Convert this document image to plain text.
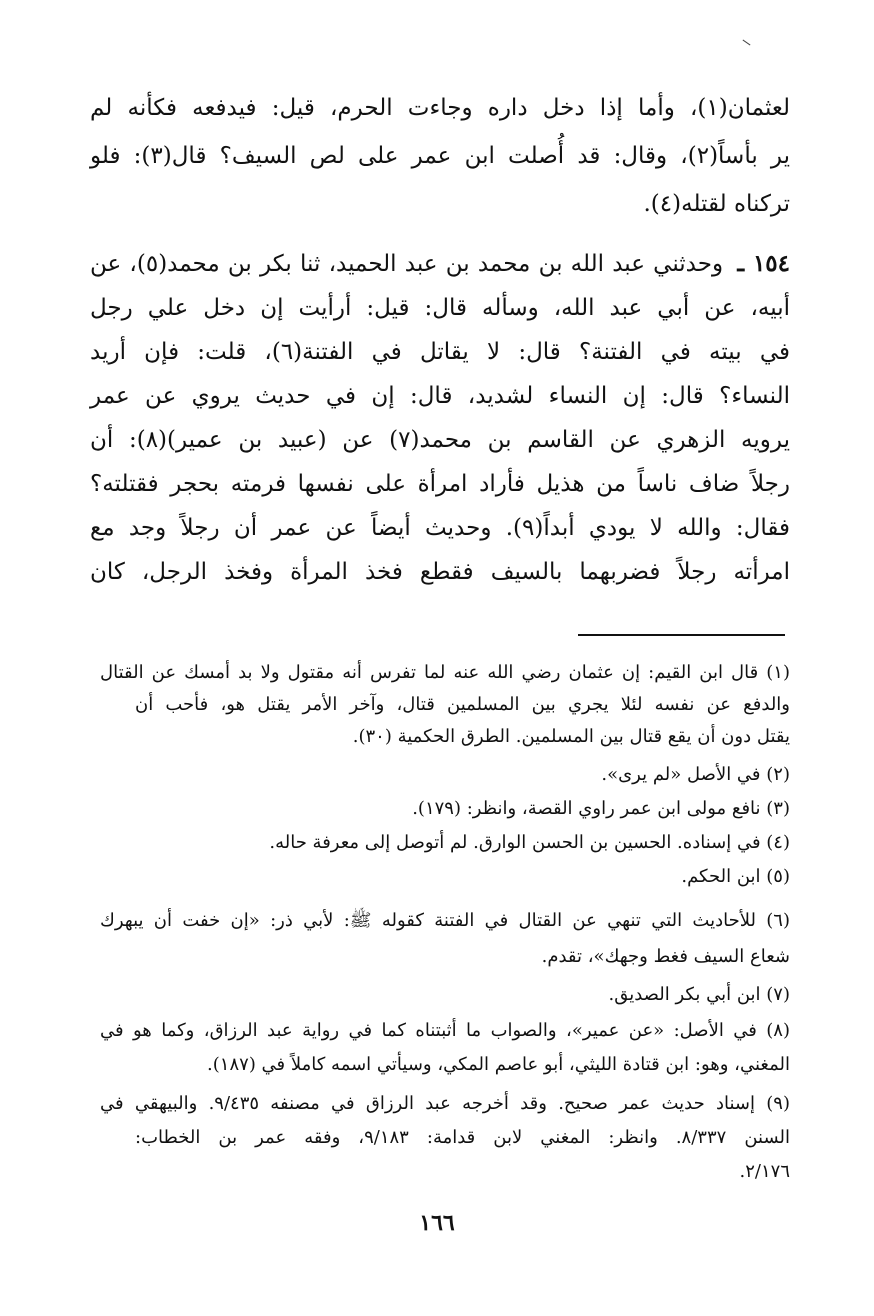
لعثمان(١)، وأما إذا دخل داره وجاءت الحرم، قيل: فيدفعه فكأنه لم
ير بأساً(٢)، وقال: قد أُصلت ابن عمر على لص السيف؟ قال(٣): فلو
تركناه لقتله(٤).
١٥٤ ـ وحدثني عبد الله بن محمد بن عبد الحميد، ثنا بكر بن محمد(٥)، عن
أبيه، عن أبي عبد الله، وسأله قال: قيل: أرأيت إن دخل علي رجل
في بيته في الفتنة؟ قال: لا يقاتل في الفتنة(٦)، قلت: فإن أريد
النساء؟ قال: إن النساء لشديد، قال: إن في حديث يروي عن عمر
يرويه الزهري عن القاسم بن محمد(٧) عن (عبيد بن عمير)(٨): أن
رجلاً ضاف ناساً من هذيل فأراد امرأة على نفسها فرمته بحجر فقتلته؟
فقال: والله لا يودي أبداً(٩). وحديث أيضاً عن عمر أن رجلاً وجد مع
امرأته رجلاً فضربهما بالسيف فقطع فخذ المرأة وفخذ الرجل، كان
(١) قال ابن القيم: إن عثمان رضي الله عنه لما تفرس أنه مقتول ولا بد أمسك عن القتال
والدفع عن نفسه لئلا يجري بين المسلمين قتال، وآخر الأمر يقتل هو، فأحب أن
يقتل دون أن يقع قتال بين المسلمين. الطرق الحكمية (٣٠).
(٢) في الأصل «لم يرى».
(٣) نافع مولى ابن عمر راوي القصة، وانظر: (١٧٩).
(٤) في إسناده. الحسين بن الحسن الوارق. لم أتوصل إلى معرفة حاله.
(٥) ابن الحكم.
(٦) للأحاديث التي تنهي عن القتال في الفتنة كقوله ﷺ: لأبي ذر: «إن خفت أن يبهرك
شعاع السيف فغط وجهك»، تقدم.
(٧) ابن أبي بكر الصديق.
(٨) في الأصل: «عن عمير»، والصواب ما أثبتناه كما في رواية عبد الرزاق، وكما هو في
المغني، وهو: ابن قتادة الليثي، أبو عاصم المكي، وسيأتي اسمه كاملاً في (١٨٧).
(٩) إسناد حديث عمر صحيح. وقد أخرجه عبد الرزاق في مصنفه ٩/٤٣٥. والبيهقي في
السنن ٨/٣٣٧. وانظر: المغني لابن قدامة: ٩/١٨٣، وفقه عمر بن الخطاب:
٢/١٧٦.
١٦٦
